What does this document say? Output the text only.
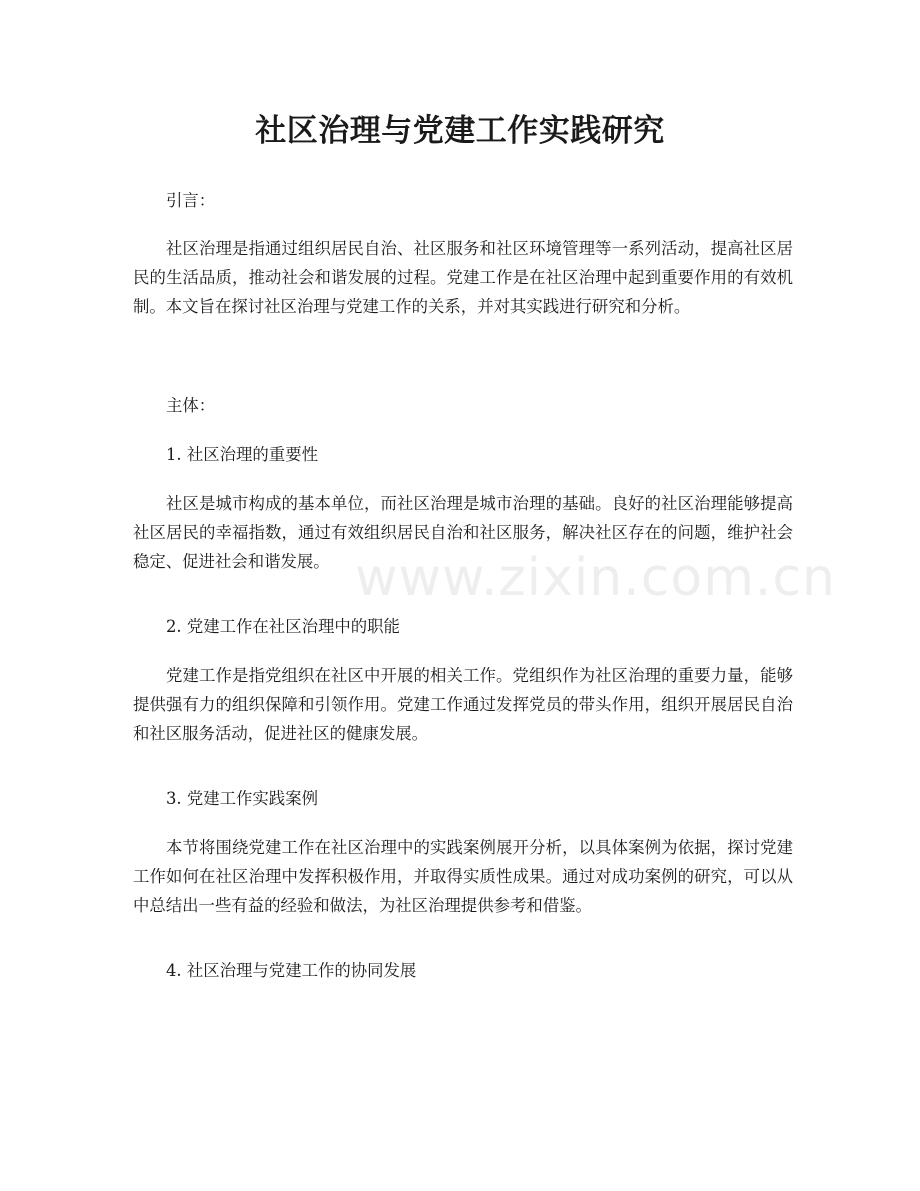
社区治理与党建工作实践研究

引言：

社区治理是指通过组织居民自治、社区服务和社区环境管理等一系列活动，提高社区居民的生活品质，推动社会和谐发展的过程。党建工作是在社区治理中起到重要作用的有效机制。本文旨在探讨社区治理与党建工作的关系，并对其实践进行研究和分析。

主体：

1. 社区治理的重要性

社区是城市构成的基本单位，而社区治理是城市治理的基础。良好的社区治理能够提高社区居民的幸福指数，通过有效组织居民自治和社区服务，解决社区存在的问题，维护社会稳定、促进社会和谐发展。

2. 党建工作在社区治理中的职能

党建工作是指党组织在社区中开展的相关工作。党组织作为社区治理的重要力量，能够提供强有力的组织保障和引领作用。党建工作通过发挥党员的带头作用，组织开展居民自治和社区服务活动，促进社区的健康发展。

3. 党建工作实践案例

本节将围绕党建工作在社区治理中的实践案例展开分析，以具体案例为依据，探讨党建工作如何在社区治理中发挥积极作用，并取得实质性成果。通过对成功案例的研究，可以从中总结出一些有益的经验和做法，为社区治理提供参考和借鉴。

4. 社区治理与党建工作的协同发展

www.zixin.com.cn
